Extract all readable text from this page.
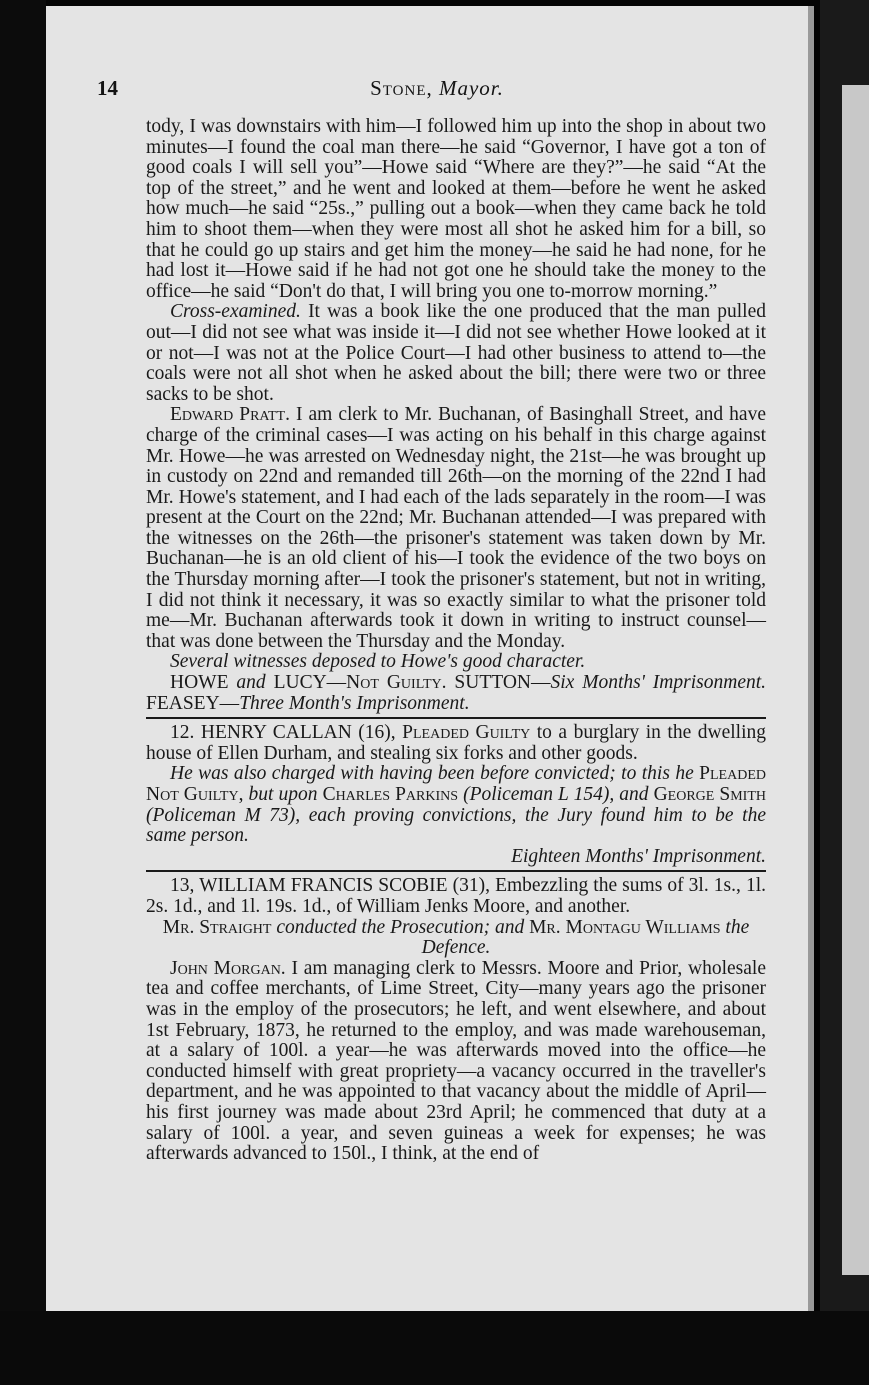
14	Stone, Mayor.

tody, I was downstairs with him—I followed him up into the shop in about two minutes—I found the coal man there—he said “Governor, I have got a ton of good coals I will sell you”—Howe said “Where are they?”—he said “At the top of the street,” and he went and looked at them—before he went he asked how much—he said “25s.,” pulling out a book—when they came back he told him to shoot them—when they were most all shot he asked him for a bill, so that he could go up stairs and get him the money—he said he had none, for he had lost it—Howe said if he had not got one he should take the money to the office—he said “Don't do that, I will bring you one to-morrow morning.”

Cross-examined. It was a book like the one produced that the man pulled out—I did not see what was inside it—I did not see whether Howe looked at it or not—I was not at the Police Court—I had other business to attend to—the coals were not all shot when he asked about the bill; there were two or three sacks to be shot.

Edward Pratt. I am clerk to Mr. Buchanan, of Basinghall Street, and have charge of the criminal cases—I was acting on his behalf in this charge against Mr. Howe—he was arrested on Wednesday night, the 21st—he was brought up in custody on 22nd and remanded till 26th—on the morning of the 22nd I had Mr. Howe's statement, and I had each of the lads separately in the room—I was present at the Court on the 22nd; Mr. Buchanan attended—I was prepared with the witnesses on the 26th—the prisoner's statement was taken down by Mr. Buchanan—he is an old client of his—I took the evidence of the two boys on the Thursday morning after—I took the prisoner's statement, but not in writing, I did not think it necessary, it was so exactly similar to what the prisoner told me—Mr. Buchanan afterwards took it down in writing to instruct counsel—that was done between the Thursday and the Monday.

Several witnesses deposed to Howe's good character.

HOWE and LUCY—Not Guilty. SUTTON—Six Months' Imprisonment. FEASEY—Three Month's Imprisonment.

12. HENRY CALLAN (16), Pleaded Guilty to a burglary in the dwelling house of Ellen Durham, and stealing six forks and other goods.

He was also charged with having been before convicted; to this he Pleaded Not Guilty, but upon Charles Parkins (Policeman L 154), and George Smith (Policeman M 73), each proving convictions, the Jury found him to be the same person.

Eighteen Months' Imprisonment.

13, WILLIAM FRANCIS SCOBIE (31), Embezzling the sums of 3l. 1s., 1l. 2s. 1d., and 1l. 19s. 1d., of William Jenks Moore, and another.

Mr. Straight conducted the Prosecution; and Mr. Montagu Williams the Defence.

John Morgan. I am managing clerk to Messrs. Moore and Prior, wholesale tea and coffee merchants, of Lime Street, City—many years ago the prisoner was in the employ of the prosecutors; he left, and went elsewhere, and about 1st February, 1873, he returned to the employ, and was made warehouseman, at a salary of 100l. a year—he was afterwards moved into the office—he conducted himself with great propriety—a vacancy occurred in the traveller's department, and he was appointed to that vacancy about the middle of April—his first journey was made about 23rd April; he commenced that duty at a salary of 100l. a year, and seven guineas a week for expenses; he was afterwards advanced to 150l., I think, at the end of
